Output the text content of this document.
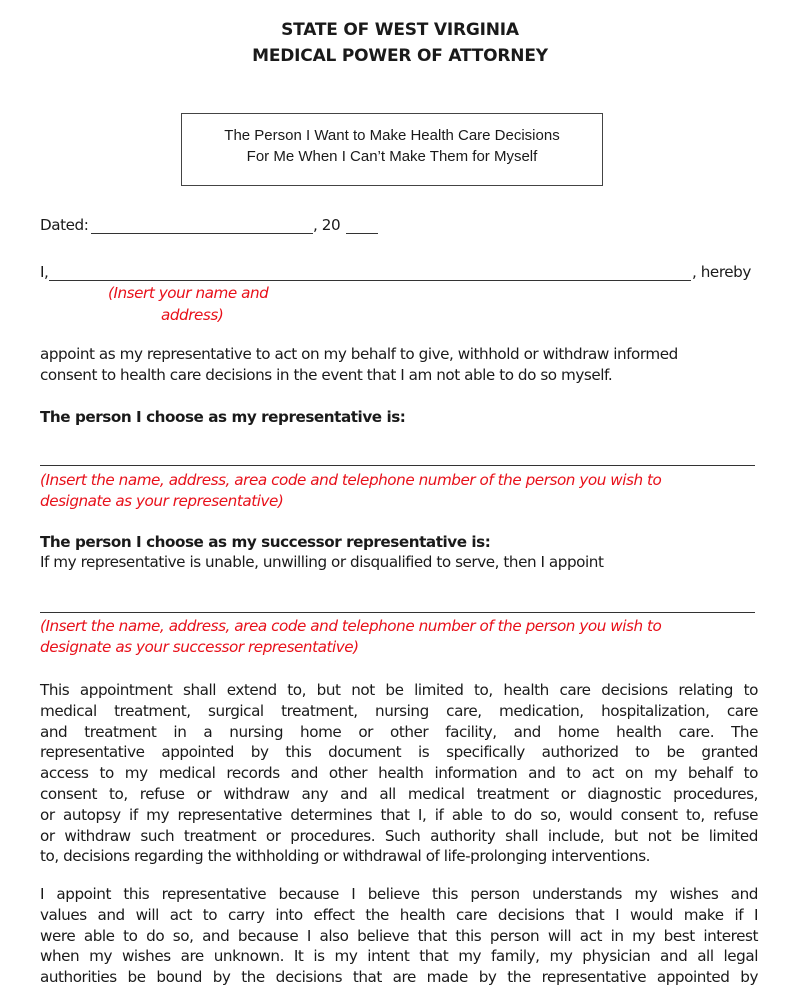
STATE OF WEST VIRGINIA
MEDICAL POWER OF ATTORNEY
The Person I Want to Make Health Care Decisions
For Me When I Can’t Make Them for Myself
Dated:	, 20
I,	, hereby
(Insert your name and
address)
appoint as my representative to act on my behalf to give, withhold or withdraw informed
consent to health care decisions in the event that I am not able to do so myself.
The person I choose as my representative is:
(Insert the name, address, area code and telephone number of the person you wish to
designate as your representative)
The person I choose as my successor representative is:
If my representative is unable, unwilling or disqualified to serve, then I appoint
(Insert the name, address, area code and telephone number of the person you wish to
designate as your successor representative)
This appointment shall extend to, but not be limited to, health care decisions relating to
medical treatment, surgical treatment, nursing care, medication, hospitalization, care
and treatment in a nursing home or other facility, and home health care. The
representative appointed by this document is specifically authorized to be granted
access to my medical records and other health information and to act on my behalf to
consent to, refuse or withdraw any and all medical treatment or diagnostic procedures,
or autopsy if my representative determines that I, if able to do so, would consent to, refuse
or withdraw such treatment or procedures. Such authority shall include, but not be limited
to, decisions regarding the withholding or withdrawal of life-prolonging interventions.
I appoint this representative because I believe this person understands my wishes and
values and will act to carry into effect the health care decisions that I would make if I
were able to do so, and because I also believe that this person will act in my best interest
when my wishes are unknown. It is my intent that my family, my physician and all legal
authorities be bound by the decisions that are made by the representative appointed by
